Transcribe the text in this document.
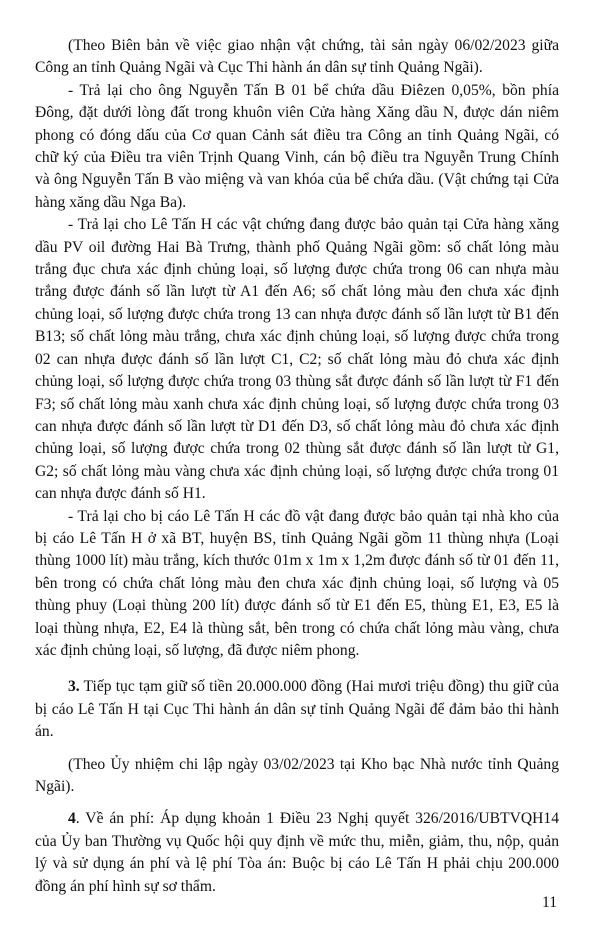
(Theo Biên bản về việc giao nhận vật chứng, tài sản ngày 06/02/2023 giữa Công an tỉnh Quảng Ngãi và Cục Thi hành án dân sự tỉnh Quảng Ngãi).

- Trả lại cho ông Nguyễn Tấn B 01 bể chứa dầu Điêzen 0,05%, bồn phía Đông, đặt dưới lòng đất trong khuôn viên Cửa hàng Xăng dầu N, được dán niêm phong có đóng dấu của Cơ quan Cảnh sát điều tra Công an tỉnh Quảng Ngãi, có chữ ký của Điều tra viên Trịnh Quang Vinh, cán bộ điều tra Nguyễn Trung Chính và ông Nguyễn Tấn B vào miệng và van khóa của bể chứa dầu. (Vật chứng tại Cửa hàng xăng dầu Nga Ba).

- Trả lại cho Lê Tấn H các vật chứng đang được bảo quản tại Cửa hàng xăng dầu PV oil đường Hai Bà Trưng, thành phố Quảng Ngãi gồm: số chất lỏng màu trắng đục chưa xác định chủng loại, số lượng được chứa trong 06 can nhựa màu trắng được đánh số lần lượt từ A1 đến A6; số chất lỏng màu đen chưa xác định chủng loại, số lượng được chứa trong 13 can nhựa được đánh số lần lượt từ B1 đến B13; số chất lỏng màu trắng, chưa xác định chủng loại, số lượng được chứa trong 02 can nhựa được đánh số lần lượt C1, C2; số chất lỏng màu đỏ chưa xác định chủng loại, số lượng được chứa trong 03 thùng sắt được đánh số lần lượt từ F1 đến F3; số chất lỏng màu xanh chưa xác định chủng loại, số lượng được chứa trong 03 can nhựa được đánh số lần lượt từ D1 đến D3, số chất lỏng màu đỏ chưa xác định chủng loại, số lượng được chứa trong 02 thùng sắt được đánh số lần lượt từ G1, G2; số chất lỏng màu vàng chưa xác định chủng loại, số lượng được chứa trong 01 can nhựa được đánh số H1.

- Trả lại cho bị cáo Lê Tấn H các đồ vật đang được bảo quản tại nhà kho của bị cáo Lê Tấn H ở xã BT, huyện BS, tỉnh Quảng Ngãi gồm 11 thùng nhựa (Loại thùng 1000 lít) màu trắng, kích thước 01m x 1m x 1,2m được đánh số từ 01 đến 11, bên trong có chứa chất lỏng màu đen chưa xác định chủng loại, số lượng và 05 thùng phuy (Loại thùng 200 lít) được đánh số từ E1 đến E5, thùng E1, E3, E5 là loại thùng nhựa, E2, E4 là thùng sắt, bên trong có chứa chất lỏng màu vàng, chưa xác định chủng loại, số lượng, đã được niêm phong.

3. Tiếp tục tạm giữ số tiền 20.000.000 đồng (Hai mươi triệu đồng) thu giữ của bị cáo Lê Tấn H tại Cục Thi hành án dân sự tỉnh Quảng Ngãi để đảm bảo thi hành án.

(Theo Ủy nhiệm chi lập ngày 03/02/2023 tại Kho bạc Nhà nước tỉnh Quảng Ngãi).

4. Về án phí: Áp dụng khoản 1 Điều 23 Nghị quyết 326/2016/UBTVQH14 của Ủy ban Thường vụ Quốc hội quy định về mức thu, miễn, giảm, thu, nộp, quản lý và sử dụng án phí và lệ phí Tòa án: Buộc bị cáo Lê Tấn H phải chịu 200.000 đồng án phí hình sự sơ thẩm.

11
